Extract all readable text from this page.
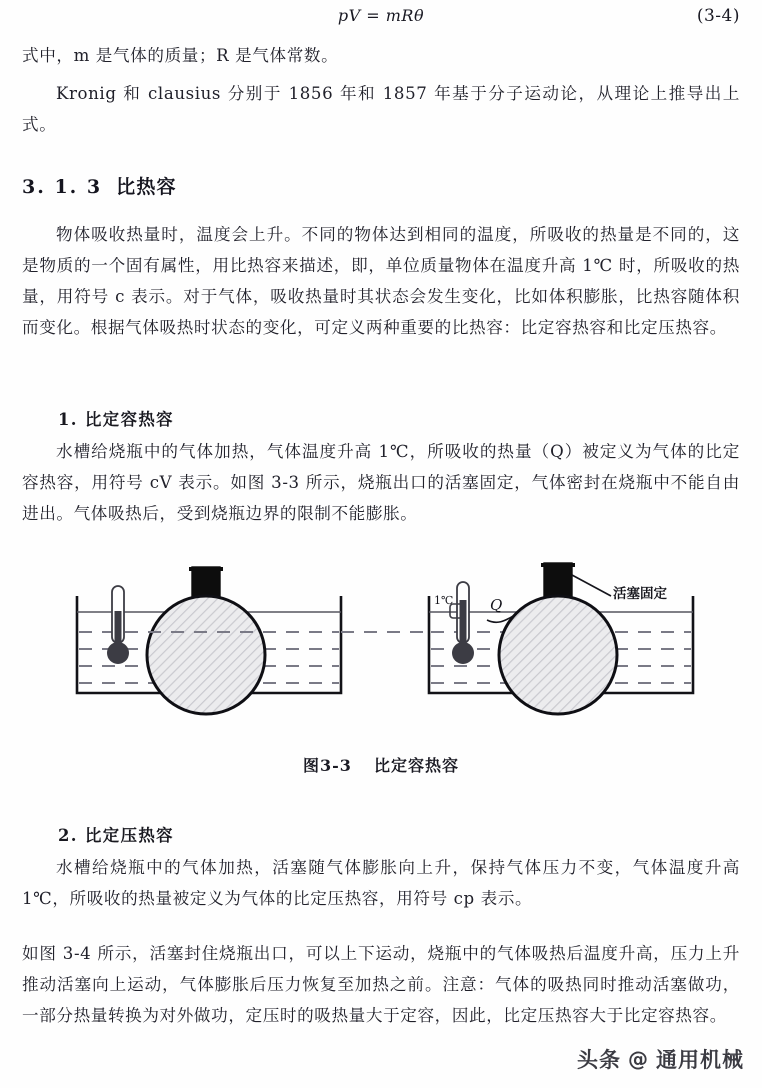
pV = mRθ	(3-4)
式中，m 是气体的质量；R 是气体常数。
Kronig 和 clausius 分别于 1856 年和 1857 年基于分子运动论，从理论上推导出上式。
3. 1. 3 比热容
物体吸收热量时，温度会上升。不同的物体达到相同的温度，所吸收的热量是不同的，这是物质的一个固有属性，用比热容来描述，即，单位质量物体在温度升高 1℃ 时，所吸收的热量，用符号 c 表示。对于气体，吸收热量时其状态会发生变化，比如体积膨胀，比热容随体积而变化。根据气体吸热时状态的变化，可定义两种重要的比热容：比定容热容和比定压热容。
1. 比定容热容
水槽给烧瓶中的气体加热，气体温度升高 1℃，所吸收的热量（Q）被定义为气体的比定容热容，用符号 cV 表示。如图 3-3 所示，烧瓶出口的活塞固定，气体密封在烧瓶中不能自由进出。气体吸热后，受到烧瓶边界的限制不能膨胀。
1℃ Q
活塞固定
图3-3 比定容热容
2. 比定压热容
水槽给烧瓶中的气体加热，活塞随气体膨胀向上升，保持气体压力不变，气体温度升高 1℃，所吸收的热量被定义为气体的比定压热容，用符号 cp 表示。
如图 3-4 所示，活塞封住烧瓶出口，可以上下运动，烧瓶中的气体吸热后温度升高，压力上升推动活塞向上运动，气体膨胀后压力恢复至加热之前。注意：气体的吸热同时推动活塞做功，一部分热量转换为对外做功，定压时的吸热量大于定容，因此，比定压热容大于比定容热容。
头条 @ 通用机械
